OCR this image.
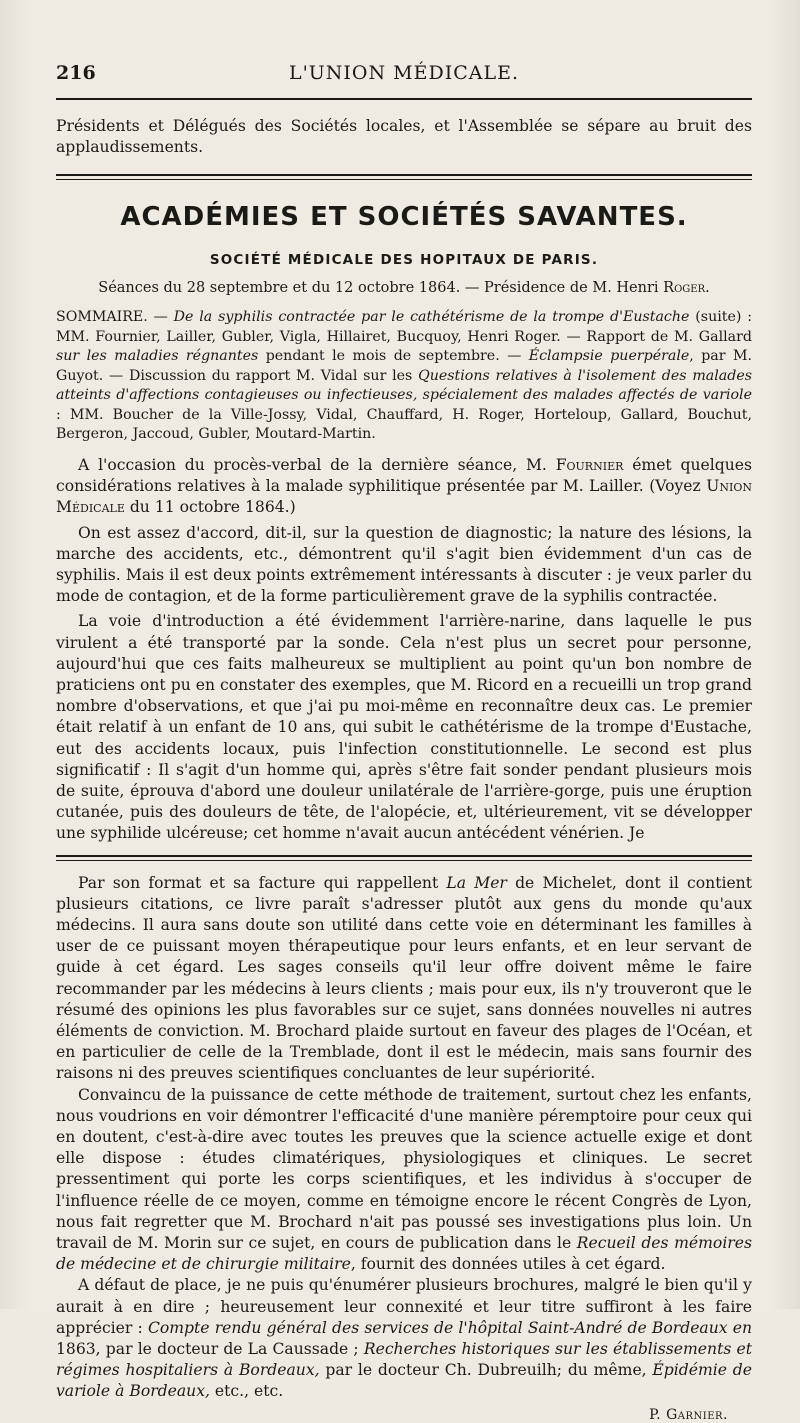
216	L'UNION MÉDICALE.

Présidents et Délégués des Sociétés locales, et l'Assemblée se sépare au bruit des applaudissements.

ACADÉMIES ET SOCIÉTÉS SAVANTES.
SOCIÉTÉ MÉDICALE DES HOPITAUX DE PARIS.
Séances du 28 septembre et du 12 octobre 1864. — Présidence de M. Henri Roger.

SOMMAIRE. — De la syphilis contractée par le cathétérisme de la trompe d'Eustache (suite) : MM. Fournier, Lailler, Gubler, Vigla, Hillairet, Bucquoy, Henri Roger. — Rapport de M. Gallard sur les maladies régnantes pendant le mois de septembre. — Éclampsie puerpérale, par M. Guyot. — Discussion du rapport M. Vidal sur les Questions relatives à l'isolement des malades atteints d'affections contagieuses ou infectieuses, spécialement des malades affectés de variole : MM. Boucher de la Ville-Jossy, Vidal, Chauffard, H. Roger, Horteloup, Gallard, Bouchut, Bergeron, Jaccoud, Gubler, Moutard-Martin.

A l'occasion du procès-verbal de la dernière séance, M. Fournier émet quelques considérations relatives à la malade syphilitique présentée par M. Lailler. (Voyez Union Médicale du 11 octobre 1864.)

On est assez d'accord, dit-il, sur la question de diagnostic; la nature des lésions, la marche des accidents, etc., démontrent qu'il s'agit bien évidemment d'un cas de syphilis. Mais il est deux points extrêmement intéressants à discuter : je veux parler du mode de contagion, et de la forme particulièrement grave de la syphilis contractée.

La voie d'introduction a été évidemment l'arrière-narine, dans laquelle le pus virulent a été transporté par la sonde. Cela n'est plus un secret pour personne, aujourd'hui que ces faits malheureux se multiplient au point qu'un bon nombre de praticiens ont pu en constater des exemples, que M. Ricord en a recueilli un trop grand nombre d'observations, et que j'ai pu moi-même en reconnaître deux cas. Le premier était relatif à un enfant de 10 ans, qui subit le cathétérisme de la trompe d'Eustache, eut des accidents locaux, puis l'infection constitutionnelle. Le second est plus significatif : Il s'agit d'un homme qui, après s'être fait sonder pendant plusieurs mois de suite, éprouva d'abord une douleur unilatérale de l'arrière-gorge, puis une éruption cutanée, puis des douleurs de tête, de l'alopécie, et, ultérieurement, vit se développer une syphilide ulcéreuse; cet homme n'avait aucun antécédent vénérien. Je

Par son format et sa facture qui rappellent La Mer de Michelet, dont il contient plusieurs citations, ce livre paraît s'adresser plutôt aux gens du monde qu'aux médecins. Il aura sans doute son utilité dans cette voie en déterminant les familles à user de ce puissant moyen thérapeutique pour leurs enfants, et en leur servant de guide à cet égard. Les sages conseils qu'il leur offre doivent même le faire recommander par les médecins à leurs clients ; mais pour eux, ils n'y trouveront que le résumé des opinions les plus favorables sur ce sujet, sans données nouvelles ni autres éléments de conviction. M. Brochard plaide surtout en faveur des plages de l'Océan, et en particulier de celle de la Tremblade, dont il est le médecin, mais sans fournir des raisons ni des preuves scientifiques concluantes de leur supériorité.

Convaincu de la puissance de cette méthode de traitement, surtout chez les enfants, nous voudrions en voir démontrer l'efficacité d'une manière péremptoire pour ceux qui en doutent, c'est-à-dire avec toutes les preuves que la science actuelle exige et dont elle dispose : études climatériques, physiologiques et cliniques. Le secret pressentiment qui porte les corps scientifiques, et les individus à s'occuper de l'influence réelle de ce moyen, comme en témoigne encore le récent Congrès de Lyon, nous fait regretter que M. Brochard n'ait pas poussé ses investigations plus loin. Un travail de M. Morin sur ce sujet, en cours de publication dans le Recueil des mémoires de médecine et de chirurgie militaire, fournit des données utiles à cet égard.

A défaut de place, je ne puis qu'énumérer plusieurs brochures, malgré le bien qu'il y aurait à en dire ; heureusement leur connexité et leur titre suffiront à les faire apprécier : Compte rendu général des services de l'hôpital Saint-André de Bordeaux en 1863, par le docteur de La Caussade ; Recherches historiques sur les établissements et régimes hospitaliers à Bordeaux, par le docteur Ch. Dubreuilh; du même, Épidémie de variole à Bordeaux, etc., etc.

P. Garnier.
